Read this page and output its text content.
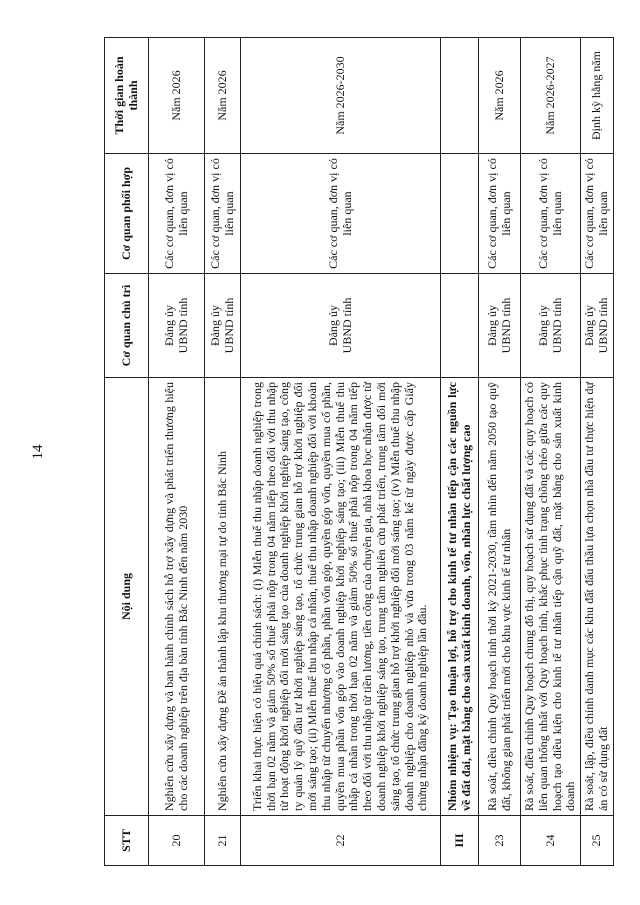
14
STT	Nội dung	Cơ quan chủ trì	Cơ quan phối hợp	Thời gian hoàn thành
20	Nghiên cứu xây dựng và ban hành chính sách hỗ trợ xây dựng và phát triển thương hiệu cho các doanh nghiệp trên địa bàn tỉnh Bắc Ninh đến năm 2030	Đảng ủy UBND tỉnh	Các cơ quan, đơn vị có liên quan	Năm 2026
21	Nghiên cứu xây dựng Đề án thành lập khu thương mại tự do tỉnh Bắc Ninh	Đảng ủy UBND tỉnh	Các cơ quan, đơn vị có liên quan	Năm 2026
22	Triển khai thực hiện có hiệu quả chính sách: (i) Miễn thuế thu nhập doanh nghiệp trong thời hạn 02 năm và giảm 50% số thuế phải nộp trong 04 năm tiếp theo đối với thu nhập từ hoạt động khởi nghiệp đổi mới sáng tạo của doanh nghiệp khởi nghiệp sáng tạo, công ty quản lý quỹ đầu tư khởi nghiệp sáng tạo, tổ chức trung gian hỗ trợ khởi nghiệp đổi mới sáng tạo; (ii) Miễn thuế thu nhập cá nhân, thuế thu nhập doanh nghiệp đối với khoản thu nhập từ chuyển nhượng cổ phần, phần vốn góp, quyền góp vốn, quyền mua cổ phần, quyền mua phần vốn góp vào doanh nghiệp khởi nghiệp sáng tạo; (iii) Miễn thuế thu nhập cá nhân trong thời hạn 02 năm và giảm 50% số thuế phải nộp trong 04 năm tiếp theo đối với thu nhập từ tiền lương, tiền công của chuyên gia, nhà khoa học nhận được từ doanh nghiệp khởi nghiệp sáng tạo, trung tâm nghiên cứu phát triển, trung tâm đổi mới sáng tạo, tổ chức trung gian hỗ trợ khởi nghiệp đổi mới sáng tạo; (iv) Miễn thuế thu nhập doanh nghiệp cho doanh nghiệp nhỏ và vừa trong 03 năm kể từ ngày được cấp Giấy chứng nhận đăng ký doanh nghiệp lần đầu.	Đảng ủy UBND tỉnh	Các cơ quan, đơn vị có liên quan	Năm 2026-2030
III	Nhóm nhiệm vụ: Tạo thuận lợi, hỗ trợ cho kinh tế tư nhân tiếp cận các nguồn lực về đất đai, mặt bằng cho sản xuất kinh doanh, vốn, nhân lực chất lượng cao			
23	Rà soát, điều chỉnh Quy hoạch tỉnh thời kỳ 2021-2030, tầm nhìn đến năm 2050 tạo quỹ đất, không gian phát triển mới cho khu vực kinh tế tư nhân	Đảng ủy UBND tỉnh	Các cơ quan, đơn vị có liên quan	Năm 2026
24	Rà soát, điều chỉnh Quy hoạch chung đô thị, quy hoạch sử dụng đất và các quy hoạch có liên quan thống nhất với Quy hoạch tỉnh, khắc phục tình trạng chồng chéo giữa các quy hoạch tạo điều kiện cho kinh tế tư nhân tiếp cận quỹ đất, mặt bằng cho sản xuất kinh doanh	Đảng ủy UBND tỉnh	Các cơ quan, đơn vị có liên quan	Năm 2026-2027
25	Rà soát, lập, điều chỉnh danh mục các khu đất đấu thầu lựa chọn nhà đầu tư thực hiện dự án có sử dụng đất	Đảng ủy UBND tỉnh	Các cơ quan, đơn vị có liên quan	Định kỳ hằng năm
